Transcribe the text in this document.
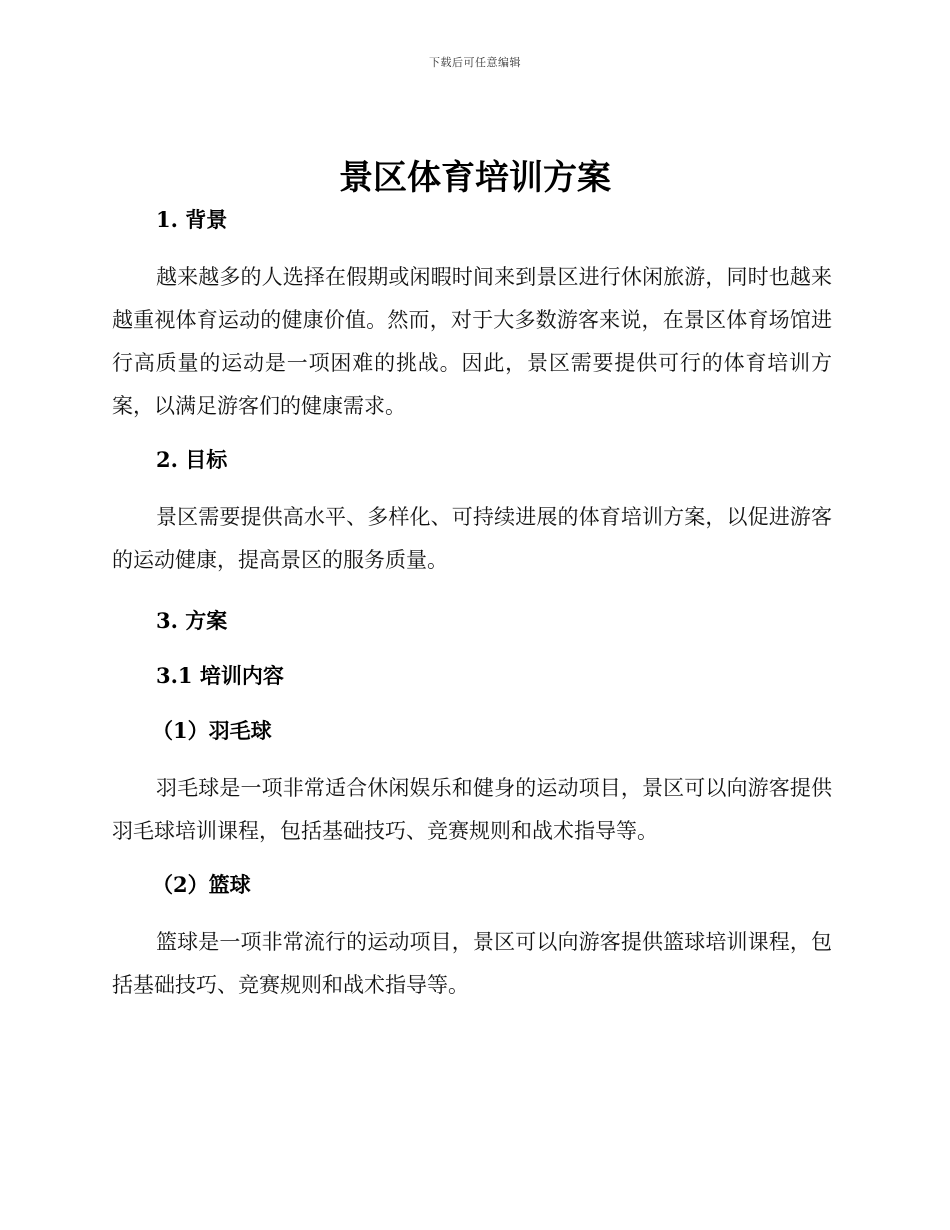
下载后可任意编辑
景区体育培训方案

1. 背景

越来越多的人选择在假期或闲暇时间来到景区进行休闲旅游，同时也越来越重视体育运动的健康价值。然而，对于大多数游客来说，在景区体育场馆进行高质量的运动是一项困难的挑战。因此，景区需要提供可行的体育培训方案，以满足游客们的健康需求。

2. 目标

景区需要提供高水平、多样化、可持续进展的体育培训方案，以促进游客的运动健康，提高景区的服务质量。

3. 方案

3.1 培训内容

（1）羽毛球

羽毛球是一项非常适合休闲娱乐和健身的运动项目，景区可以向游客提供羽毛球培训课程，包括基础技巧、竞赛规则和战术指导等。

（2）篮球

篮球是一项非常流行的运动项目，景区可以向游客提供篮球培训课程，包括基础技巧、竞赛规则和战术指导等。
